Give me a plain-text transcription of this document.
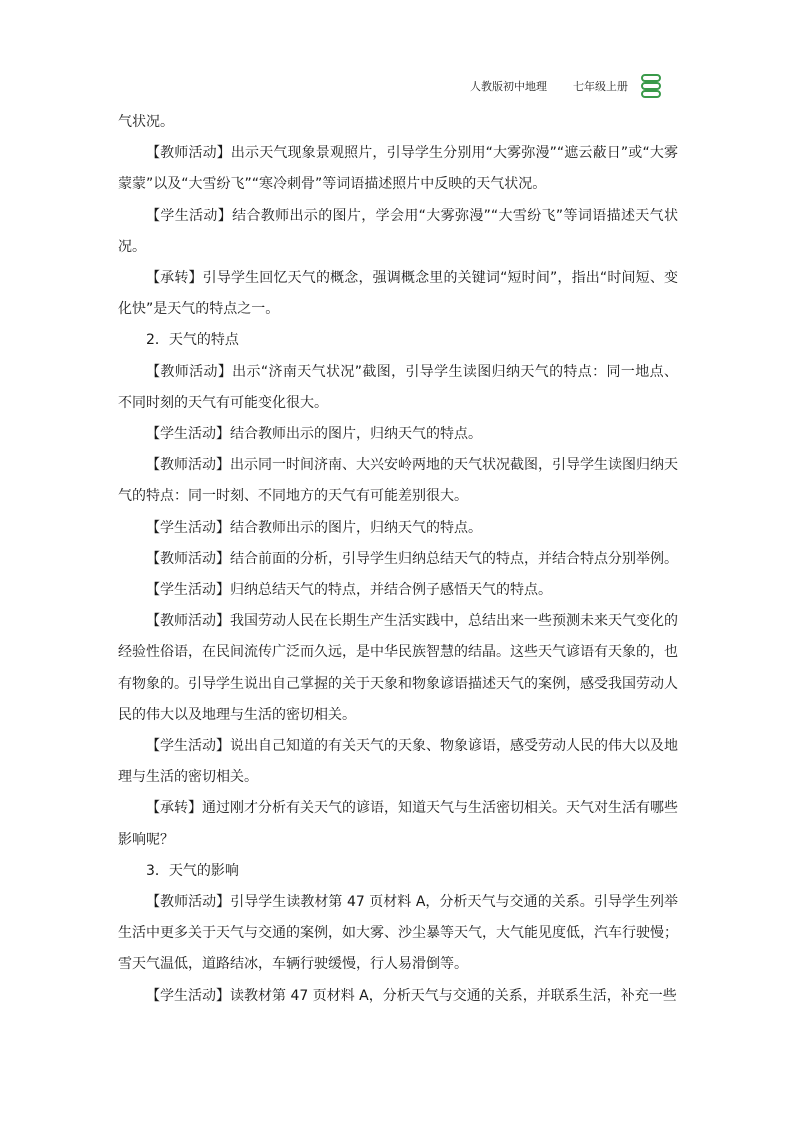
人教版初中地理 七年级上册

气状况。

【教师活动】出示天气现象景观照片，引导学生分别用“大雾弥漫”“遮云蔽日”或“大雾蒙蒙”以及“大雪纷飞”“寒冷刺骨”等词语描述照片中反映的天气状况。

【学生活动】结合教师出示的图片，学会用“大雾弥漫”“大雪纷飞”等词语描述天气状况。

【承转】引导学生回忆天气的概念，强调概念里的关键词“短时间”，指出“时间短、变化快”是天气的特点之一。

2．天气的特点

【教师活动】出示“济南天气状况”截图，引导学生读图归纳天气的特点：同一地点、不同时刻的天气有可能变化很大。

【学生活动】结合教师出示的图片，归纳天气的特点。

【教师活动】出示同一时间济南、大兴安岭两地的天气状况截图，引导学生读图归纳天气的特点：同一时刻、不同地方的天气有可能差别很大。

【学生活动】结合教师出示的图片，归纳天气的特点。

【教师活动】结合前面的分析，引导学生归纳总结天气的特点，并结合特点分别举例。

【学生活动】归纳总结天气的特点，并结合例子感悟天气的特点。

【教师活动】我国劳动人民在长期生产生活实践中，总结出来一些预测未来天气变化的经验性俗语，在民间流传广泛而久远，是中华民族智慧的结晶。这些天气谚语有天象的，也有物象的。引导学生说出自己掌握的关于天象和物象谚语描述天气的案例，感受我国劳动人民的伟大以及地理与生活的密切相关。

【学生活动】说出自己知道的有关天气的天象、物象谚语，感受劳动人民的伟大以及地理与生活的密切相关。

【承转】通过刚才分析有关天气的谚语，知道天气与生活密切相关。天气对生活有哪些影响呢？

3．天气的影响

【教师活动】引导学生读教材第 47 页材料 A，分析天气与交通的关系。引导学生列举生活中更多关于天气与交通的案例，如大雾、沙尘暴等天气，大气能见度低，汽车行驶慢；雪天气温低，道路结冰，车辆行驶缓慢，行人易滑倒等。

【学生活动】读教材第 47 页材料 A，分析天气与交通的关系，并联系生活，补充一些
